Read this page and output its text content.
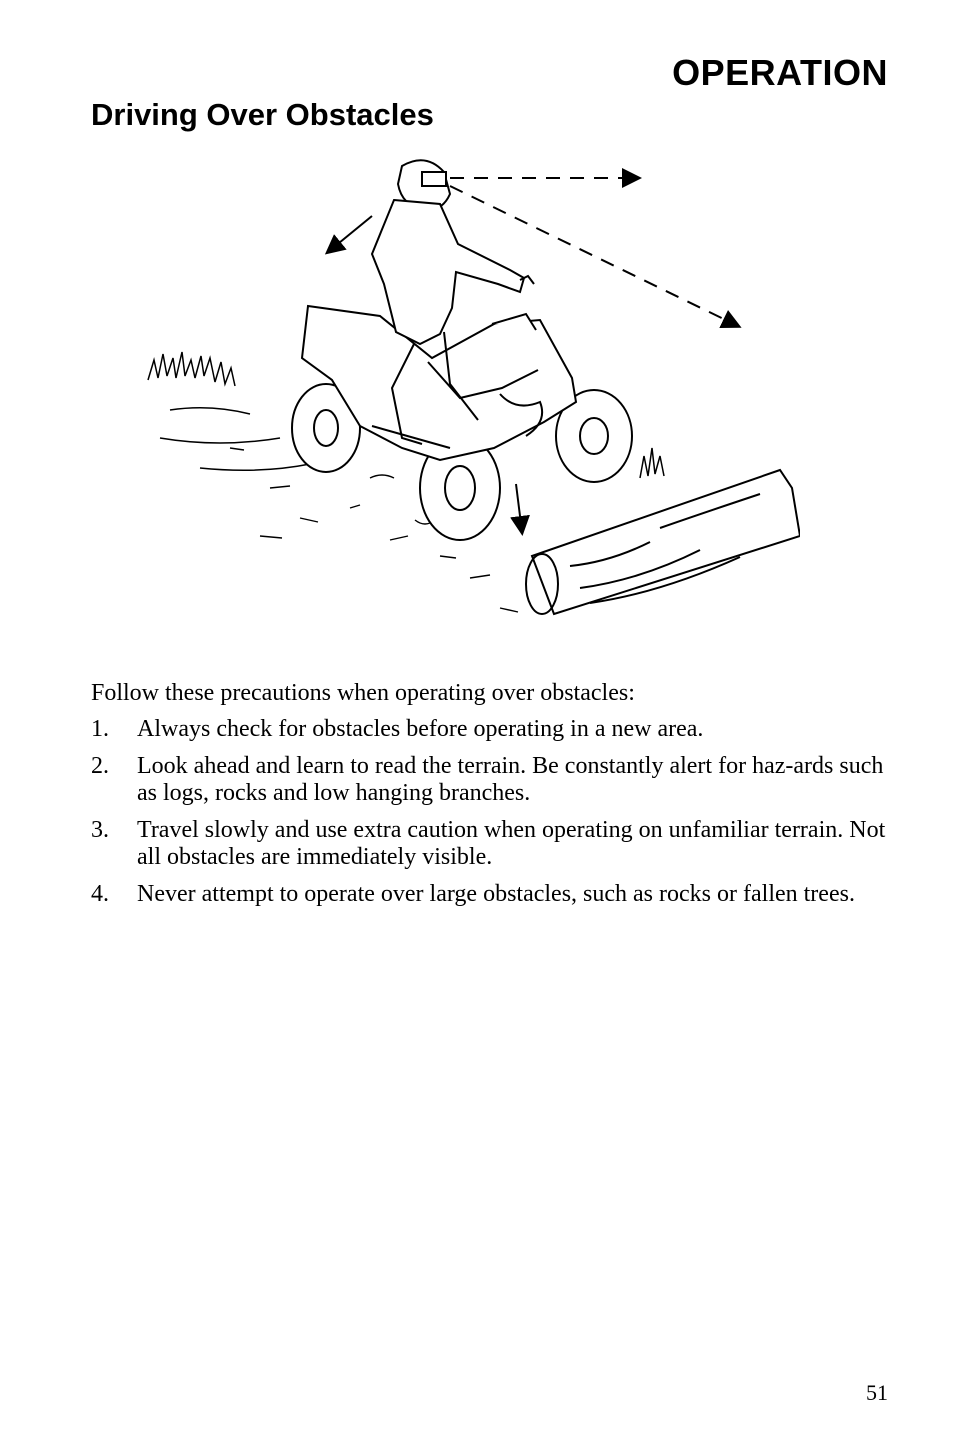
OPERATION
Driving Over Obstacles

Follow these precautions when operating over obstacles:

1. Always check for obstacles before operating in a new area.
2. Look ahead and learn to read the terrain. Be constantly alert for haz-ards such as logs, rocks and low hanging branches.
3. Travel slowly and use extra caution when operating on unfamiliar terrain. Not all obstacles are immediately visible.
4. Never attempt to operate over large obstacles, such as rocks or fallen trees.
51
